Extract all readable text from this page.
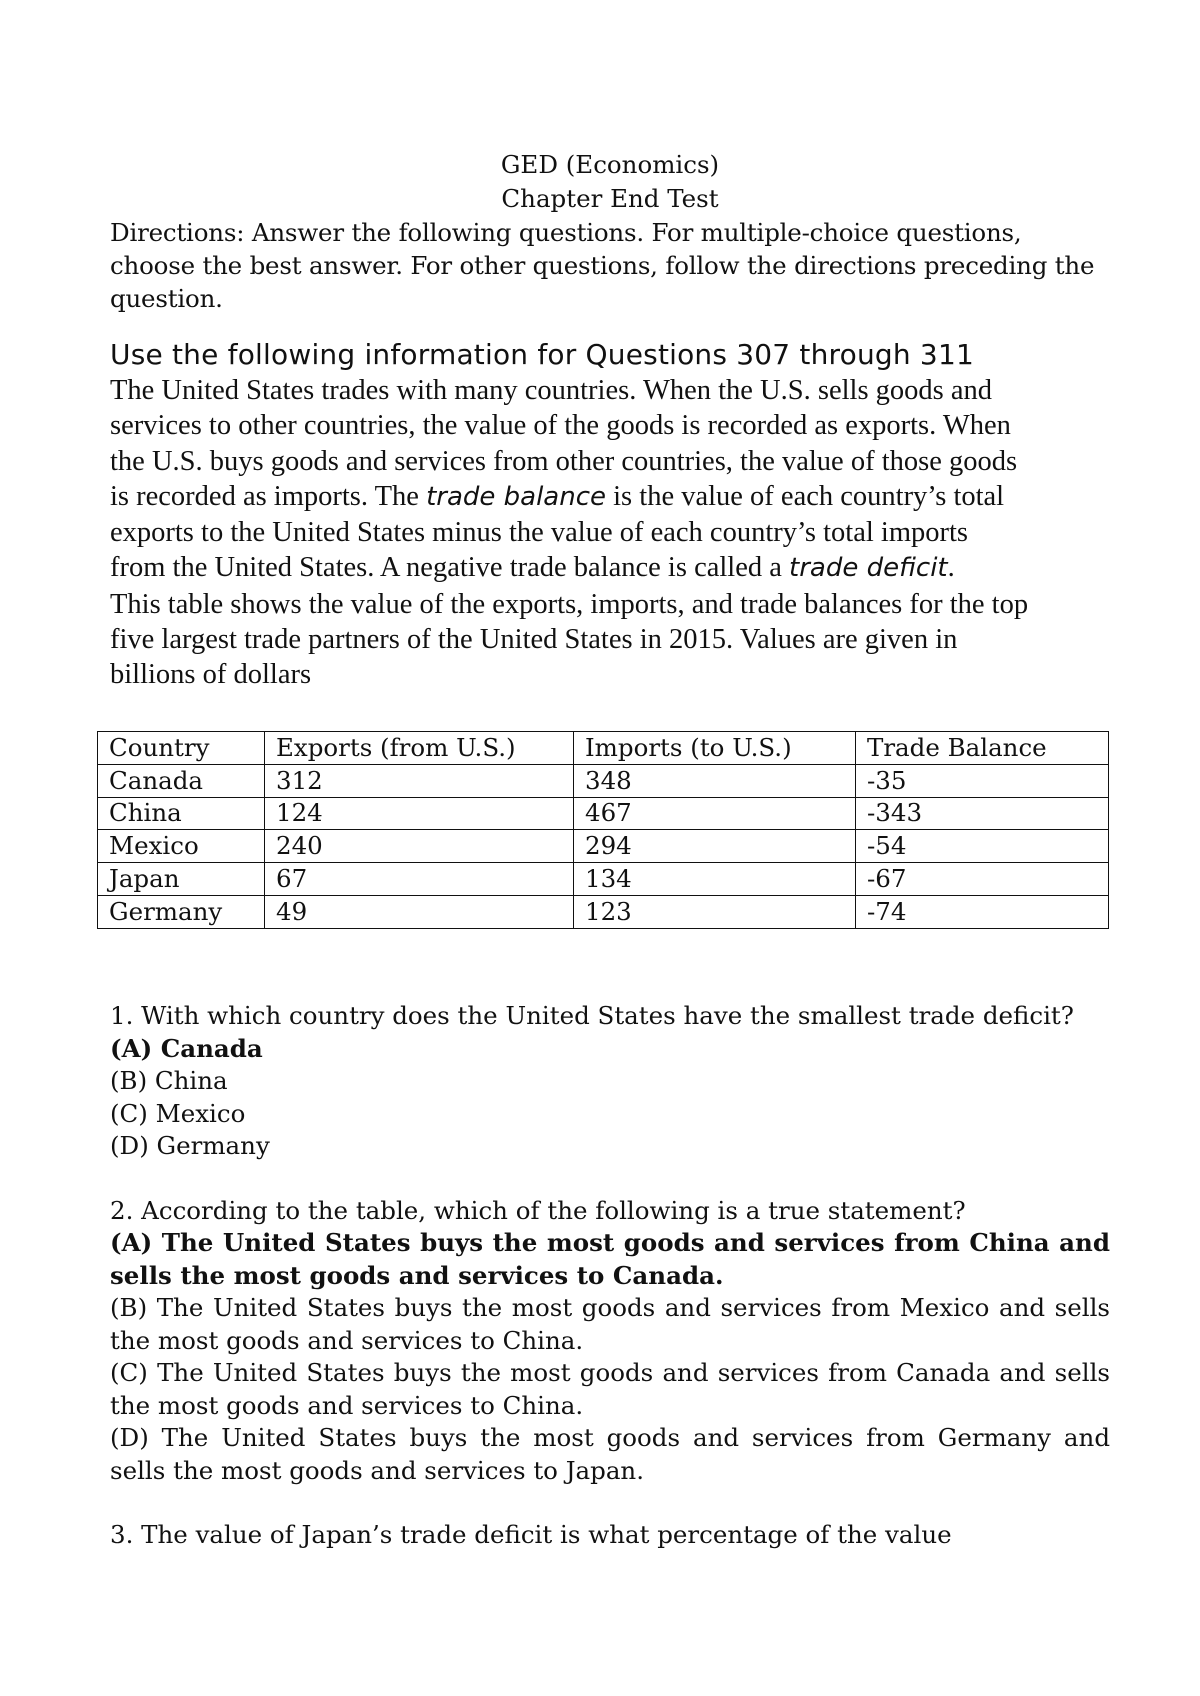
GED (Economics)
Chapter End Test
Directions: Answer the following questions. For multiple-choice questions, choose the best answer. For other questions, follow the directions preceding the question.
Use the following information for Questions 307 through 311
The United States trades with many countries. When the U.S. sells goods and services to other countries, the value of the goods is recorded as exports. When the U.S. buys goods and services from other countries, the value of those goods is recorded as imports. The trade balance is the value of each country’s total exports to the United States minus the value of each country’s total imports from the United States. A negative trade balance is called a trade deficit.
This table shows the value of the exports, imports, and trade balances for the top five largest trade partners of the United States in 2015. Values are given in billions of dollars
Country	Exports (from U.S.)	Imports (to U.S.)	Trade Balance
Canada	312	348	-35
China	124	467	-343
Mexico	240	294	-54
Japan	67	134	-67
Germany	49	123	-74
1. With which country does the United States have the smallest trade deficit?
(A) Canada
(B) China
(C) Mexico
(D) Germany
2. According to the table, which of the following is a true statement?
(A) The United States buys the most goods and services from China and sells the most goods and services to Canada.
(B) The United States buys the most goods and services from Mexico and sells the most goods and services to China.
(C) The United States buys the most goods and services from Canada and sells the most goods and services to China.
(D) The United States buys the most goods and services from Germany and sells the most goods and services to Japan.
3. The value of Japan’s trade deficit is what percentage of the value
